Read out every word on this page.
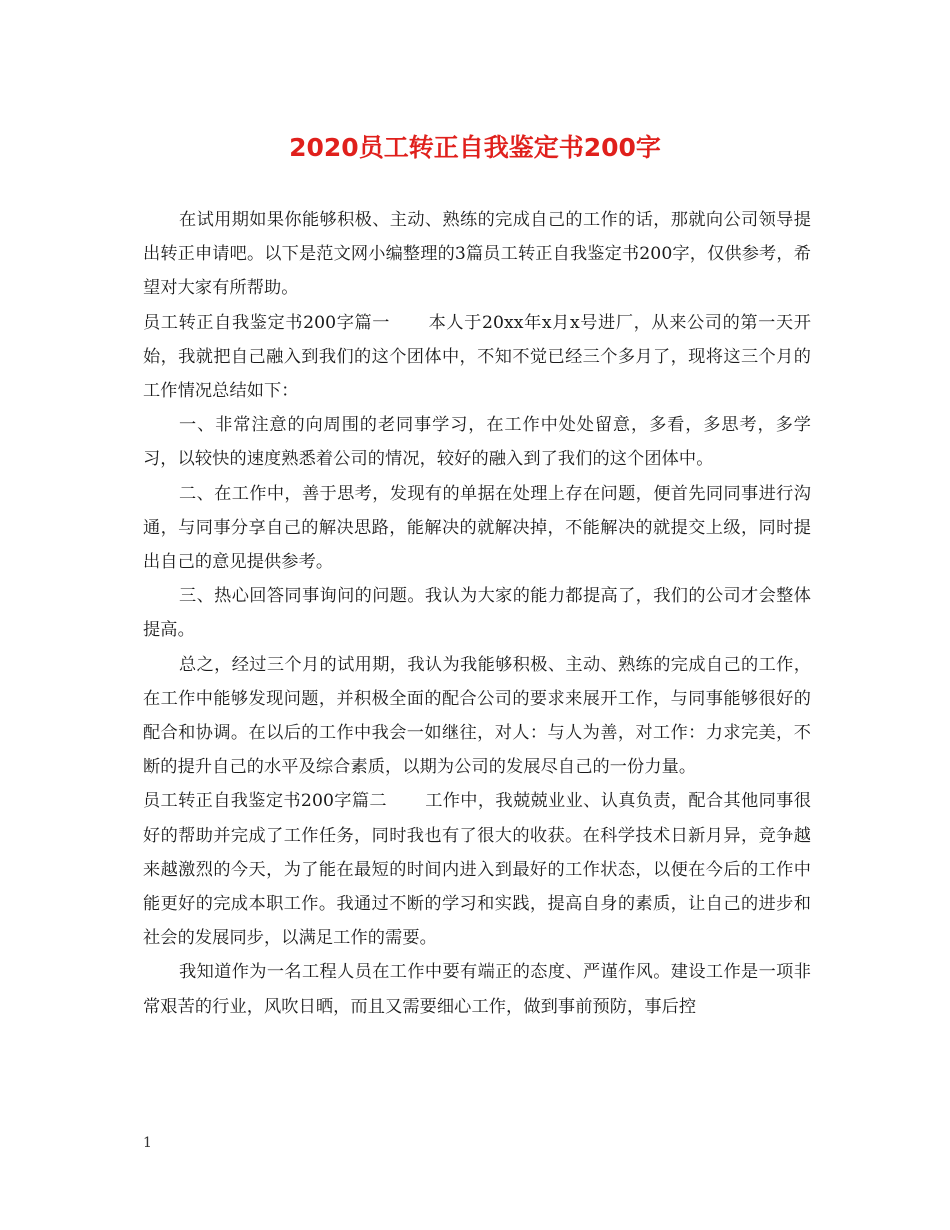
2020员工转正自我鉴定书200字

在试用期如果你能够积极、主动、熟练的完成自己的工作的话，那就向公司领导提出转正申请吧。以下是范文网小编整理的3篇员工转正自我鉴定书200字，仅供参考，希望对大家有所帮助。

员工转正自我鉴定书200字篇一 本人于20xx年x月x号进厂，从来公司的第一天开始，我就把自己融入到我们的这个团体中，不知不觉已经三个多月了，现将这三个月的工作情况总结如下：

一、非常注意的向周围的老同事学习，在工作中处处留意，多看，多思考，多学习，以较快的速度熟悉着公司的情况，较好的融入到了我们的这个团体中。

二、在工作中，善于思考，发现有的单据在处理上存在问题，便首先同同事进行沟通，与同事分享自己的解决思路，能解决的就解决掉，不能解决的就提交上级，同时提出自己的意见提供参考。

三、热心回答同事询问的问题。我认为大家的能力都提高了，我们的公司才会整体提高。

总之，经过三个月的试用期，我认为我能够积极、主动、熟练的完成自己的工作，在工作中能够发现问题，并积极全面的配合公司的要求来展开工作，与同事能够很好的配合和协调。在以后的工作中我会一如继往，对人：与人为善，对工作：力求完美，不断的提升自己的水平及综合素质，以期为公司的发展尽自己的一份力量。

员工转正自我鉴定书200字篇二 工作中，我兢兢业业、认真负责，配合其他同事很好的帮助并完成了工作任务，同时我也有了很大的收获。在科学技术日新月异，竞争越来越激烈的今天，为了能在最短的时间内进入到最好的工作状态，以便在今后的工作中能更好的完成本职工作。我通过不断的学习和实践，提高自身的素质，让自己的进步和社会的发展同步，以满足工作的需要。

我知道作为一名工程人员在工作中要有端正的态度、严谨作风。建设工作是一项非常艰苦的行业，风吹日晒，而且又需要细心工作，做到事前预防，事后控

1
